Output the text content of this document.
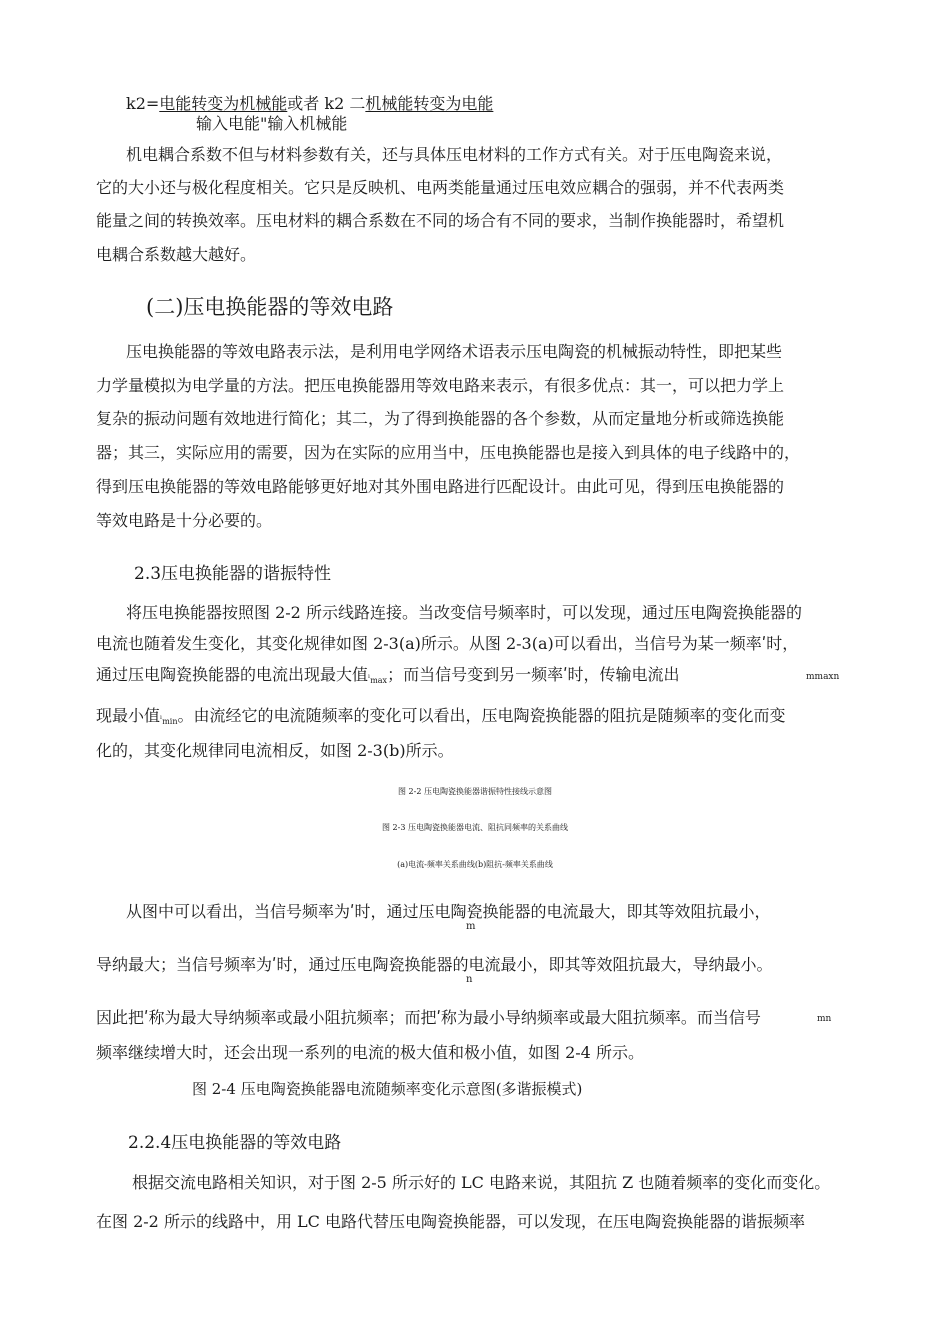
k2=电能转变为机械能或者 k2 二机械能转变为电能
输入电能"输入机械能
机电耦合系数不但与材料参数有关，还与具体压电材料的工作方式有关。对于压电陶瓷来说，
它的大小还与极化程度相关。它只是反映机、电两类能量通过压电效应耦合的强弱，并不代表两类
能量之间的转换效率。压电材料的耦合系数在不同的场合有不同的要求，当制作换能器时，希望机
电耦合系数越大越好。
(二)压电换能器的等效电路
压电换能器的等效电路表示法，是利用电学网络术语表示压电陶瓷的机械振动特性，即把某些
力学量模拟为电学量的方法。把压电换能器用等效电路来表示，有很多优点：其一，可以把力学上
复杂的振动问题有效地进行简化；其二，为了得到换能器的各个参数，从而定量地分析或筛选换能
器；其三，实际应用的需要，因为在实际的应用当中，压电换能器也是接入到具体的电子线路中的，
得到压电换能器的等效电路能够更好地对其外围电路进行匹配设计。由此可见，得到压电换能器的
等效电路是十分必要的。
2.3压电换能器的谐振特性
将压电换能器按照图 2-2 所示线路连接。当改变信号频率时，可以发现，通过压电陶瓷换能器的
电流也随着发生变化，其变化规律如图 2-3(a)所示。从图 2-3(a)可以看出，当信号为某一频率ʹ时，
通过压电陶瓷换能器的电流出现最大值ˡmax；而当信号变到另一频率ʹ时，传输电流出	mmaxn
现最小值ˡmin。由流经它的电流随频率的变化可以看出，压电陶瓷换能器的阻抗是随频率的变化而变
化的，其变化规律同电流相反，如图 2-3(b)所示。
图 2-2 压电陶瓷换能器谐振特性接线示意图
图 2-3 压电陶瓷换能器电流、阻抗同频率的关系曲线
(a)电流-频率关系曲线(b)阻抗-频率关系曲线
从图中可以看出，当信号频率为ʹ时，通过压电陶瓷换能器的电流最大，即其等效阻抗最小，
m
导纳最大；当信号频率为ʹ时，通过压电陶瓷换能器的电流最小，即其等效阻抗最大，导纳最小。
n
因此把ʹ称为最大导纳频率或最小阻抗频率；而把ʹ称为最小导纳频率或最大阻抗频率。而当信号	mn
频率继续增大时，还会出现一系列的电流的极大值和极小值，如图 2-4 所示。
图 2-4 压电陶瓷换能器电流随频率变化示意图(多谐振模式)
2.2.4压电换能器的等效电路
根据交流电路相关知识，对于图 2-5 所示好的 LC 电路来说，其阻抗 Z 也随着频率的变化而变化。
在图 2-2 所示的线路中，用 LC 电路代替压电陶瓷换能器，可以发现，在压电陶瓷换能器的谐振频率
